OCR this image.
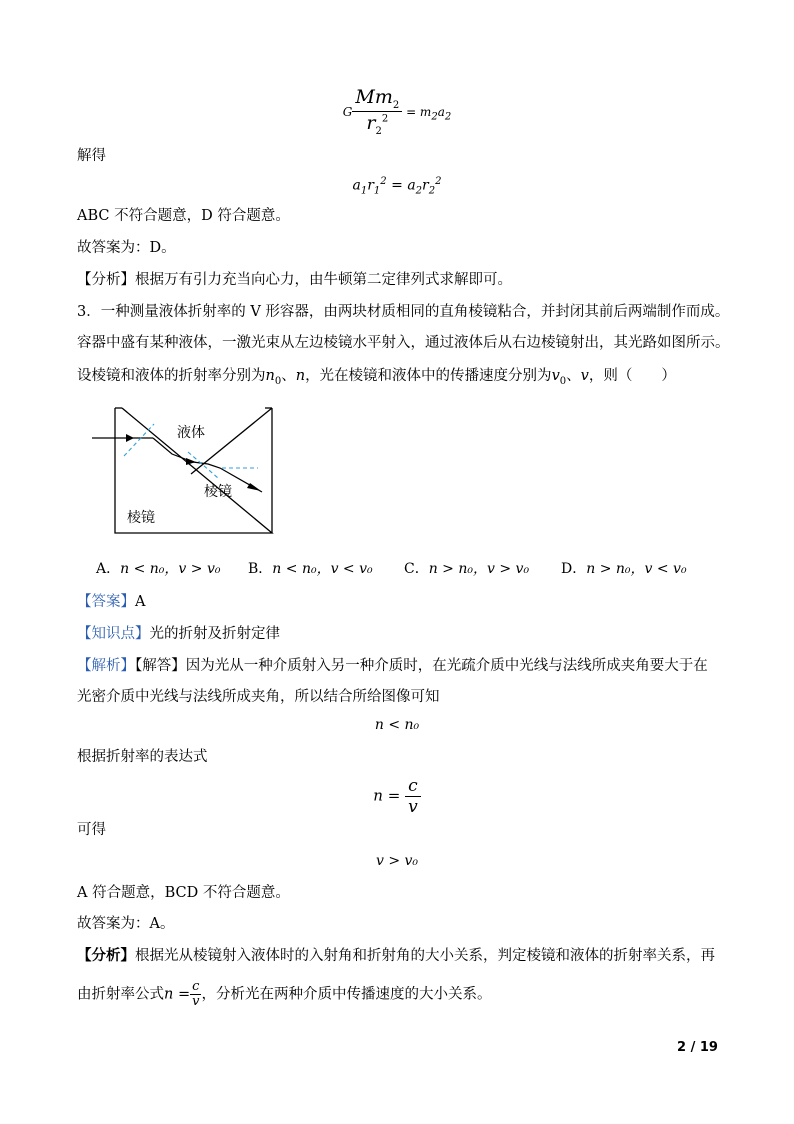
G $\frac{Mm_2}{r_2^2} = m_2a_2$
解得
$a_1r_1^2 = a_2r_2^2$
ABC 不符合题意，D 符合题意。
故答案为：D。
【分析】根据万有引力充当向心力，由牛顿第二定律列式求解即可。
3．一种测量液体折射率的 V 形容器，由两块材质相同的直角棱镜粘合，并封闭其前后两端制作而成。
容器中盛有某种液体，一激光束从左边棱镜水平射入，通过液体后从右边棱镜射出，其光路如图所示。
设棱镜和液体的折射率分别为$n_0$、n，光在棱镜和液体中的传播速度分别为$v_0$、v，则（　　）
液体
棱镜
棱镜
A．n < n₀，v > v₀ B．n < n₀，v < v₀ C．n > n₀，v > v₀ D．n > n₀，v < v₀
【答案】A
【知识点】光的折射及折射定律
【解析】【解答】因为光从一种介质射入另一种介质时，在光疏介质中光线与法线所成夹角要大于在
光密介质中光线与法线所成夹角，所以结合所给图像可知
n < n₀
根据折射率的表达式
$n = \frac{c}{v}$
可得
v > v₀
A 符合题意，BCD 不符合题意。
故答案为：A。
【分析】根据光从棱镜射入液体时的入射角和折射角的大小关系，判定棱镜和液体的折射率关系，再
由折射率公式$n = \frac{c}{v}$ ，分析光在两种介质中传播速度的大小关系。
2 / 19
